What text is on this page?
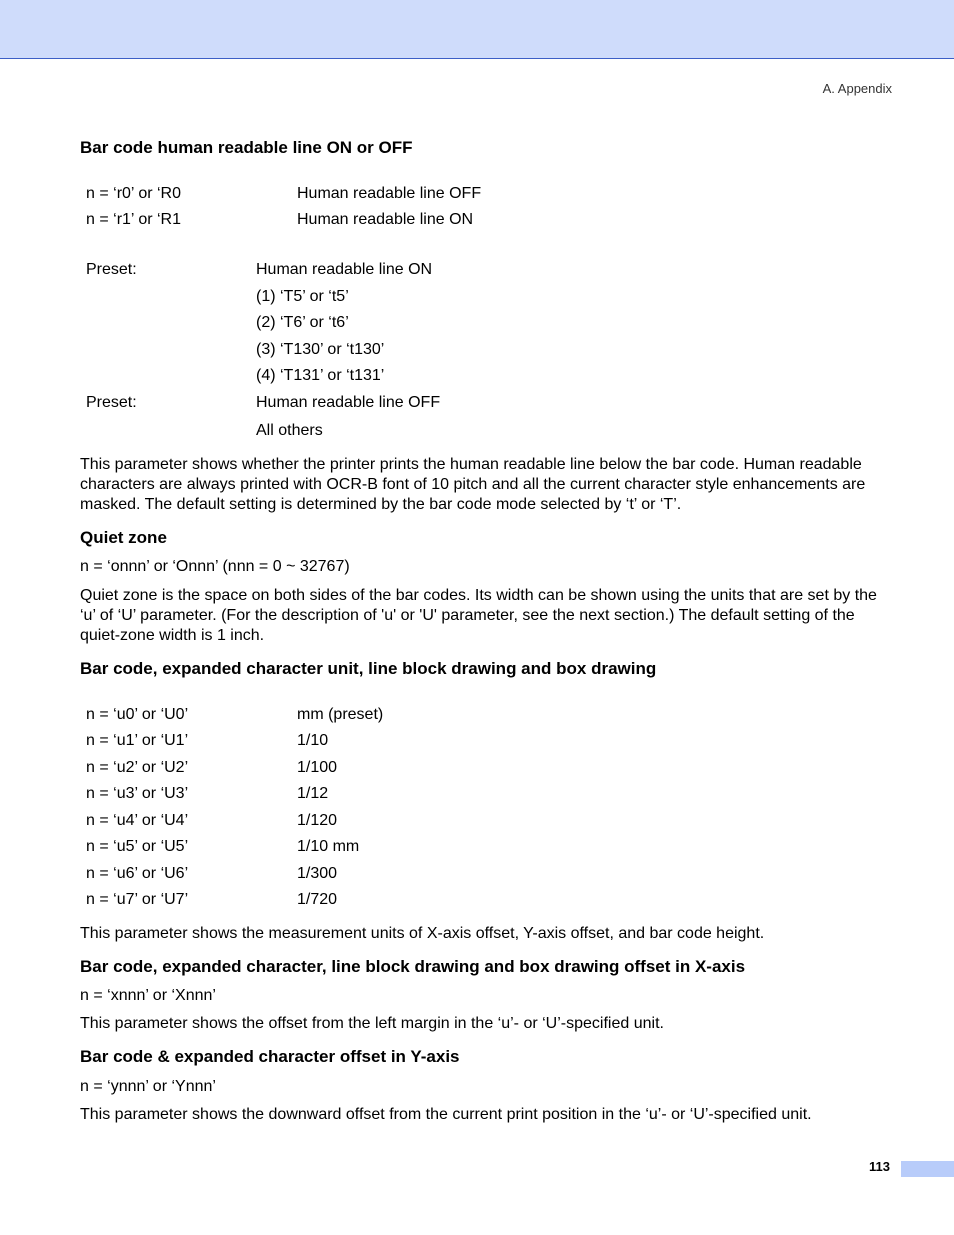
A. Appendix
Bar code human readable line ON or OFF
n = ‘r0’ or ‘R0	Human readable line OFF
n = ‘r1’ or ‘R1	Human readable line ON
Preset:	Human readable line ON
(1) ‘T5’ or ‘t5’
(2) ‘T6’ or ‘t6’
(3) ‘T130’ or ‘t130’
(4) ‘T131’ or ‘t131’
Preset:	Human readable line OFF
All others
This parameter shows whether the printer prints the human readable line below the bar code. Human readable characters are always printed with OCR-B font of 10 pitch and all the current character style enhancements are masked. The default setting is determined by the bar code mode selected by ‘t’ or ‘T’.
Quiet zone
n = ‘onnn’ or ‘Onnn’ (nnn = 0 ~ 32767)
Quiet zone is the space on both sides of the bar codes. Its width can be shown using the units that are set by the ‘u’ of ‘U’ parameter. (For the description of 'u' or 'U' parameter, see the next section.) The default setting of the quiet-zone width is 1 inch.
Bar code, expanded character unit, line block drawing and box drawing
n = ‘u0’ or ‘U0’	mm (preset)
n = ‘u1’ or ‘U1’	1/10
n = ‘u2’ or ‘U2’	1/100
n = ‘u3’ or ‘U3’	1/12
n = ‘u4’ or ‘U4’	1/120
n = ‘u5’ or ‘U5’	1/10 mm
n = ‘u6’ or ‘U6’	1/300
n = ‘u7’ or ‘U7’	1/720
This parameter shows the measurement units of X-axis offset, Y-axis offset, and bar code height.
Bar code, expanded character, line block drawing and box drawing offset in X-axis
n = ‘xnnn’ or ‘Xnnn’
This parameter shows the offset from the left margin in the ‘u’- or ‘U’-specified unit.
Bar code & expanded character offset in Y-axis
n = ‘ynnn’ or ‘Ynnn’
This parameter shows the downward offset from the current print position in the ‘u’- or ‘U’-specified unit.
113
